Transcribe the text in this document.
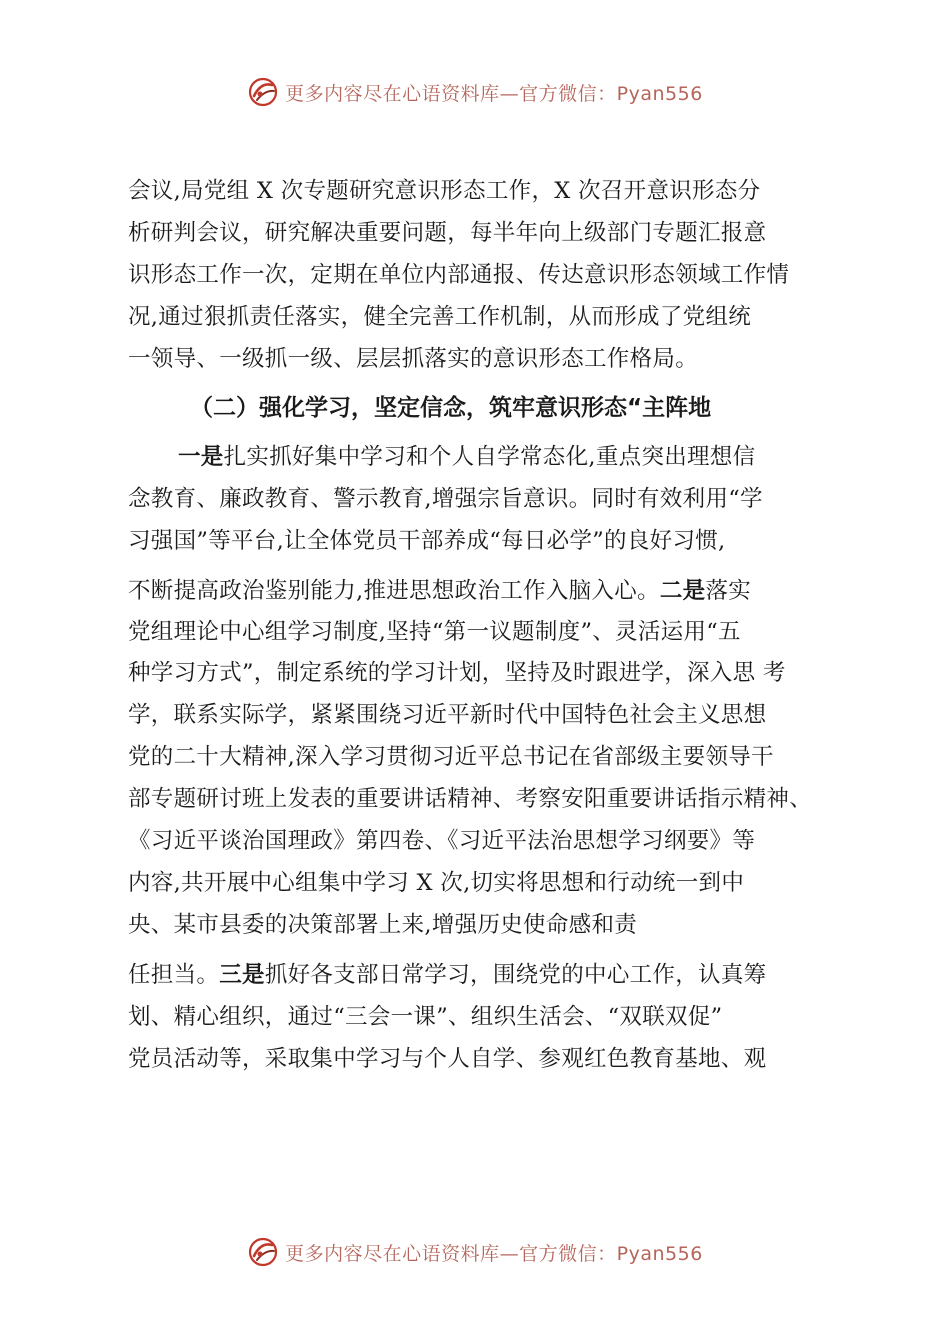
更多内容尽在心语资料库—官方微信：Pyan556
会议,局党组 X 次专题研究意识形态工作，X 次召开意识形态分
析研判会议，研究解决重要问题，每半年向上级部门专题汇报意
识形态工作一次，定期在单位内部通报、传达意识形态领域工作情
况,通过狠抓责任落实，健全完善工作机制，从而形成了党组统
一领导、一级抓一级、层层抓落实的意识形态工作格局。
（二）强化学习，坚定信念，筑牢意识形态“主阵地
一是扎实抓好集中学习和个人自学常态化,重点突出理想信
念教育、廉政教育、警示教育,增强宗旨意识。同时有效利用“学
习强国”等平台,让全体党员干部养成“每日必学”的良好习惯,
不断提高政治鉴别能力,推进思想政治工作入脑入心。二是落实
党组理论中心组学习制度,坚持“第一议题制度”、灵活运用“五
种学习方式”，制定系统的学习计划，坚持及时跟进学，深入思 考
学，联系实际学，紧紧围绕习近平新时代中国特色社会主义思想
党的二十大精神,深入学习贯彻习近平总书记在省部级主要领导干
部专题研讨班上发表的重要讲话精神、考察安阳重要讲话指示精神、
《习近平谈治国理政》第四卷、《习近平法治思想学习纲要》等
内容,共开展中心组集中学习 X 次,切实将思想和行动统一到中
央、某市县委的决策部署上来,增强历史使命感和责
任担当。三是抓好各支部日常学习，围绕党的中心工作，认真筹
划、精心组织，通过“三会一课”、组织生活会、“双联双促”
党员活动等，采取集中学习与个人自学、参观红色教育基地、观
更多内容尽在心语资料库—官方微信：Pyan556
